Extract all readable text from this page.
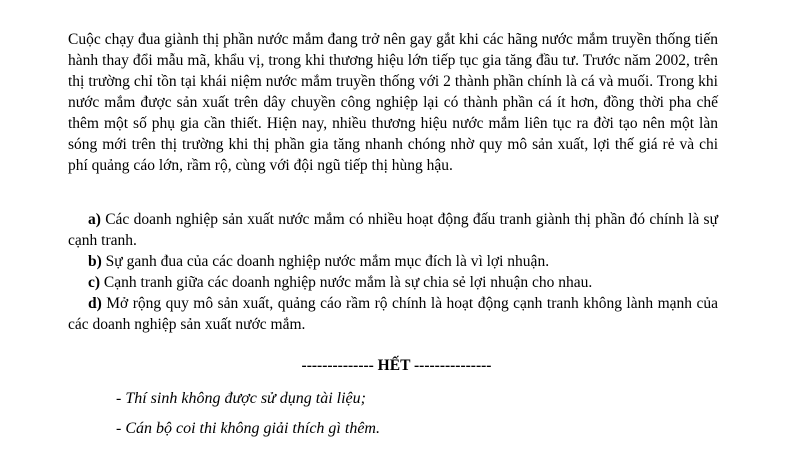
Cuộc chạy đua giành thị phần nước mắm đang trở nên gay gắt khi các hãng nước mắm truyền thống tiến hành thay đổi mẫu mã, khẩu vị, trong khi thương hiệu lớn tiếp tục gia tăng đầu tư. Trước năm 2002, trên thị trường chỉ tồn tại khái niệm nước mắm truyền thống với 2 thành phần chính là cá và muối. Trong khi nước mắm được sản xuất trên dây chuyền công nghiệp lại có thành phần cá ít hơn, đồng thời pha chế thêm một số phụ gia cần thiết. Hiện nay, nhiều thương hiệu nước mắm liên tục ra đời tạo nên một làn sóng mới trên thị trường khi thị phần gia tăng nhanh chóng nhờ quy mô sản xuất, lợi thế giá rẻ và chi phí quảng cáo lớn, rầm rộ, cùng với đội ngũ tiếp thị hùng hậu.

a) Các doanh nghiệp sản xuất nước mắm có nhiều hoạt động đấu tranh giành thị phần đó chính là sự cạnh tranh.

b) Sự ganh đua của các doanh nghiệp nước mắm mục đích là vì lợi nhuận.

c) Cạnh tranh giữa các doanh nghiệp nước mắm là sự chia sẻ lợi nhuận cho nhau.

d) Mở rộng quy mô sản xuất, quảng cáo rầm rộ chính là hoạt động cạnh tranh không lành mạnh của các doanh nghiệp sản xuất nước mắm.

-------------- HẾT ---------------
- Thí sinh không được sử dụng tài liệu;
- Cán bộ coi thi không giải thích gì thêm.
